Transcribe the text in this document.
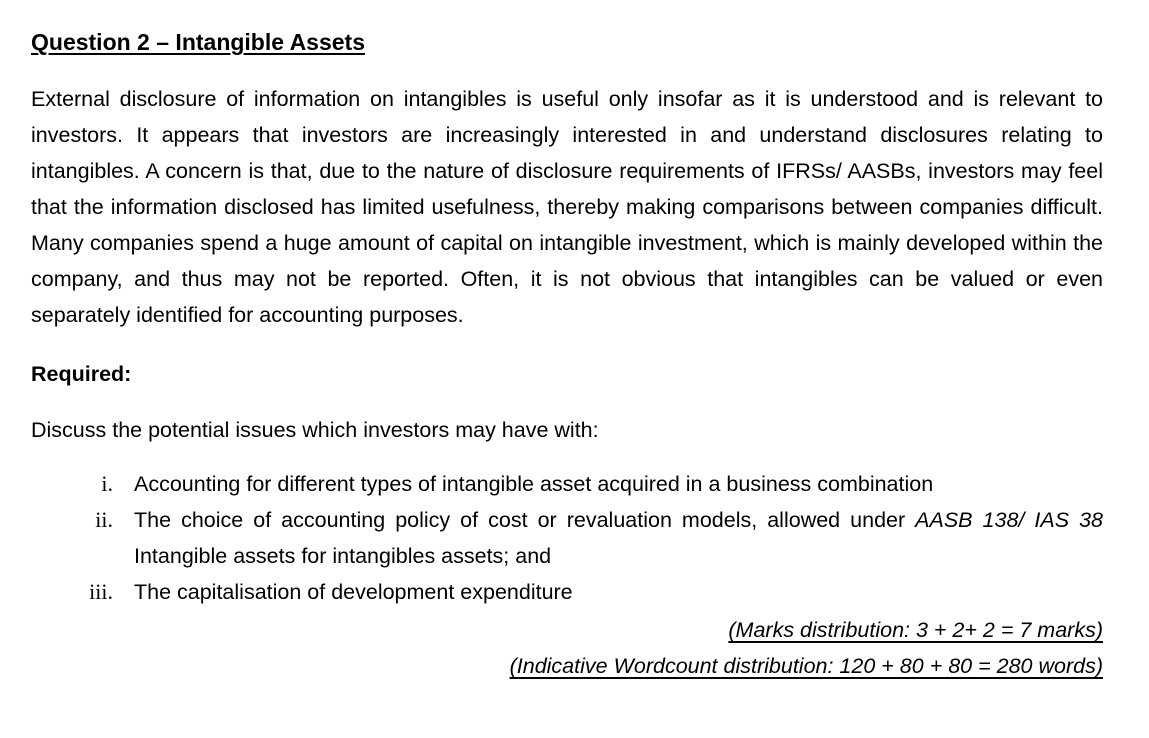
Question 2 – Intangible Assets

External disclosure of information on intangibles is useful only insofar as it is understood and is relevant to investors. It appears that investors are increasingly interested in and understand disclosures relating to intangibles. A concern is that, due to the nature of disclosure requirements of IFRSs/ AASBs, investors may feel that the information disclosed has limited usefulness, thereby making comparisons between companies difficult. Many companies spend a huge amount of capital on intangible investment, which is mainly developed within the company, and thus may not be reported. Often, it is not obvious that intangibles can be valued or even separately identified for accounting purposes.

Required:

Discuss the potential issues which investors may have with:

i. Accounting for different types of intangible asset acquired in a business combination
ii. The choice of accounting policy of cost or revaluation models, allowed under AASB 138/ IAS 38 Intangible assets for intangibles assets; and
iii. The capitalisation of development expenditure
(Marks distribution: 3 + 2+ 2 = 7 marks)
(Indicative Wordcount distribution: 120 + 80 + 80 = 280 words)
